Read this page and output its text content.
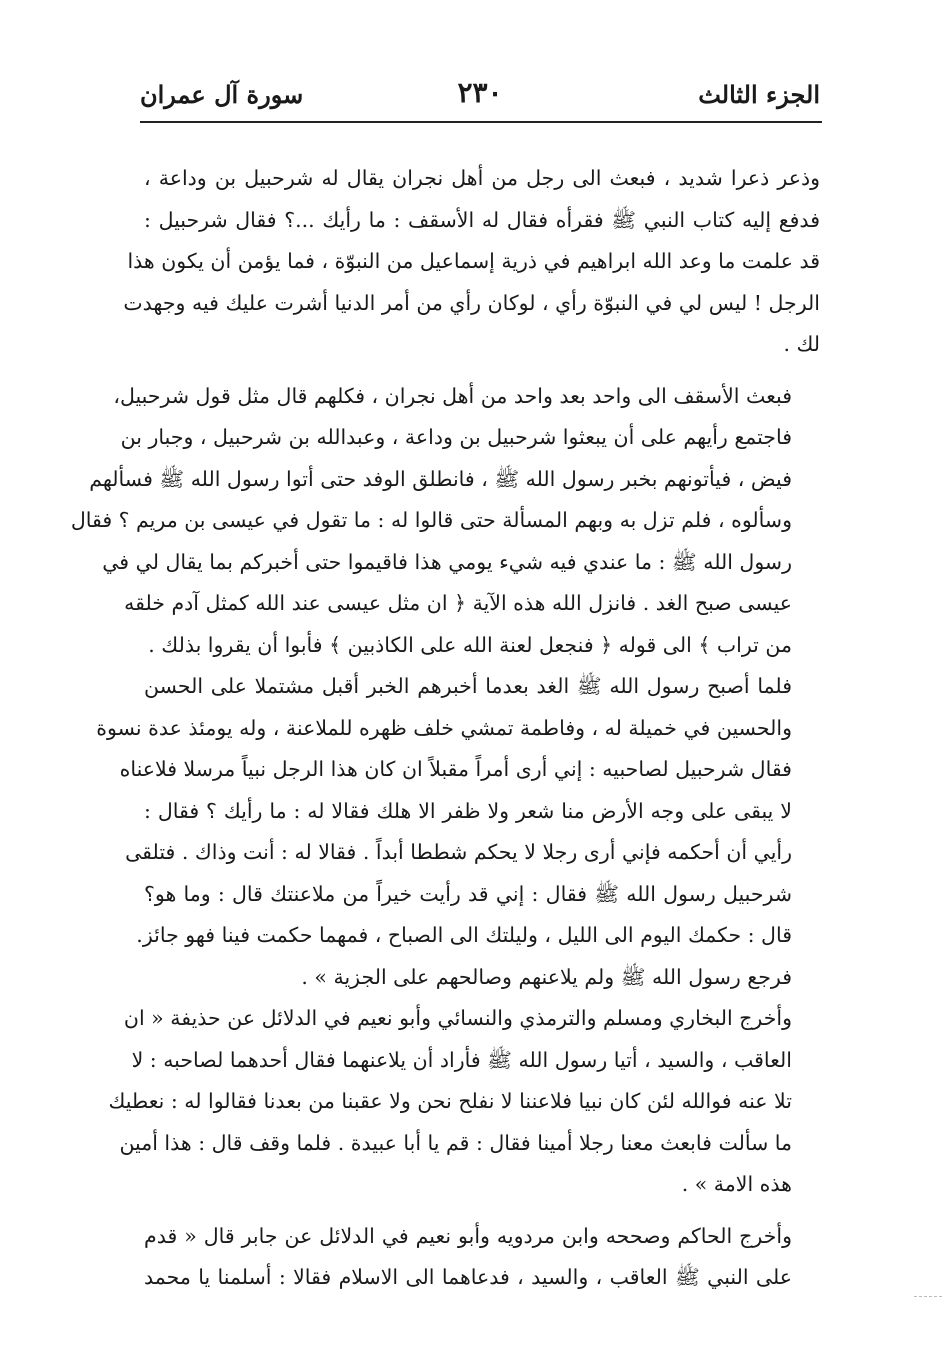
الجزء الثالث
٢٣٠
سورة آل عمران

وذعر ذعرا شديد ، فبعث الى رجل من أهل نجران يقال له شرحبيل بن وداعة ،
فدفع إليه كتاب النبي ﷺ فقرأه فقال له الأسقف : ما رأيك ...؟ فقال شرحبيل :
قد علمت ما وعد الله ابراهيم في ذرية إسماعيل من النبوّة ، فما يؤمن أن يكون هذا
الرجل ! ليس لي في النبوّة رأي ، لوكان رأي من أمر الدنيا أشرت عليك فيه وجهدت
لك .

فبعث الأسقف الى واحد بعد واحد من أهل نجران ، فكلهم قال مثل قول شرحبيل،
فاجتمع رأيهم على أن يبعثوا شرحبيل بن وداعة ، وعبدالله بن شرحبيل ، وجبار بن
فيض ، فيأتونهم بخبر رسول الله ﷺ ، فانطلق الوفد حتى أتوا رسول الله ﷺ فسألهم
وسألوه ، فلم تزل به وبهم المسألة حتى قالوا له : ما تقول في عيسى بن مريم ؟ فقال
رسول الله ﷺ : ما عندي فيه شيء يومي هذا فاقيموا حتى أخبركم بما يقال لي في
عيسى صبح الغد . فانزل الله هذه الآية ﴿ ان مثل عيسى عند الله كمثل آدم خلقه
من تراب ﴾ الى قوله ﴿ فنجعل لعنة الله على الكاذبين ﴾ فأبوا أن يقروا بذلك .

فلما أصبح رسول الله ﷺ الغد بعدما أخبرهم الخبر أقبل مشتملا على الحسن
والحسين في خميلة له ، وفاطمة تمشي خلف ظهره للملاعنة ، وله يومئذ عدة نسوة
فقال شرحبيل لصاحبيه : إني أرى أمراً مقبلاً ان كان هذا الرجل نبياً مرسلا فلاعناه
لا يبقى على وجه الأرض منا شعر ولا ظفر الا هلك فقالا له : ما رأيك ؟ فقال :
رأيي أن أحكمه فإني أرى رجلا لا يحكم شططا أبداً . فقالا له : أنت وذاك . فتلقى
شرحبيل رسول الله ﷺ فقال : إني قد رأيت خيراً من ملاعنتك قال : وما هو؟
قال : حكمك اليوم الى الليل ، وليلتك الى الصباح ، فمهما حكمت فينا فهو جائز.
فرجع رسول الله ﷺ ولم يلاعنهم وصالحهم على الجزية » .

وأخرج البخاري ومسلم والترمذي والنسائي وأبو نعيم في الدلائل عن حذيفة « ان
العاقب ، والسيد ، أتيا رسول الله ﷺ فأراد أن يلاعنهما فقال أحدهما لصاحبه : لا
تلا عنه فوالله لئن كان نبيا فلاعننا لا نفلح نحن ولا عقبنا من بعدنا فقالوا له : نعطيك
ما سألت فابعث معنا رجلا أمينا فقال : قم يا أبا عبيدة . فلما وقف قال : هذا أمين
هذه الامة » .

وأخرج الحاكم وصححه وابن مردويه وأبو نعيم في الدلائل عن جابر قال « قدم
على النبي ﷺ العاقب ، والسيد ، فدعاهما الى الاسلام فقالا : أسلمنا يا محمد
